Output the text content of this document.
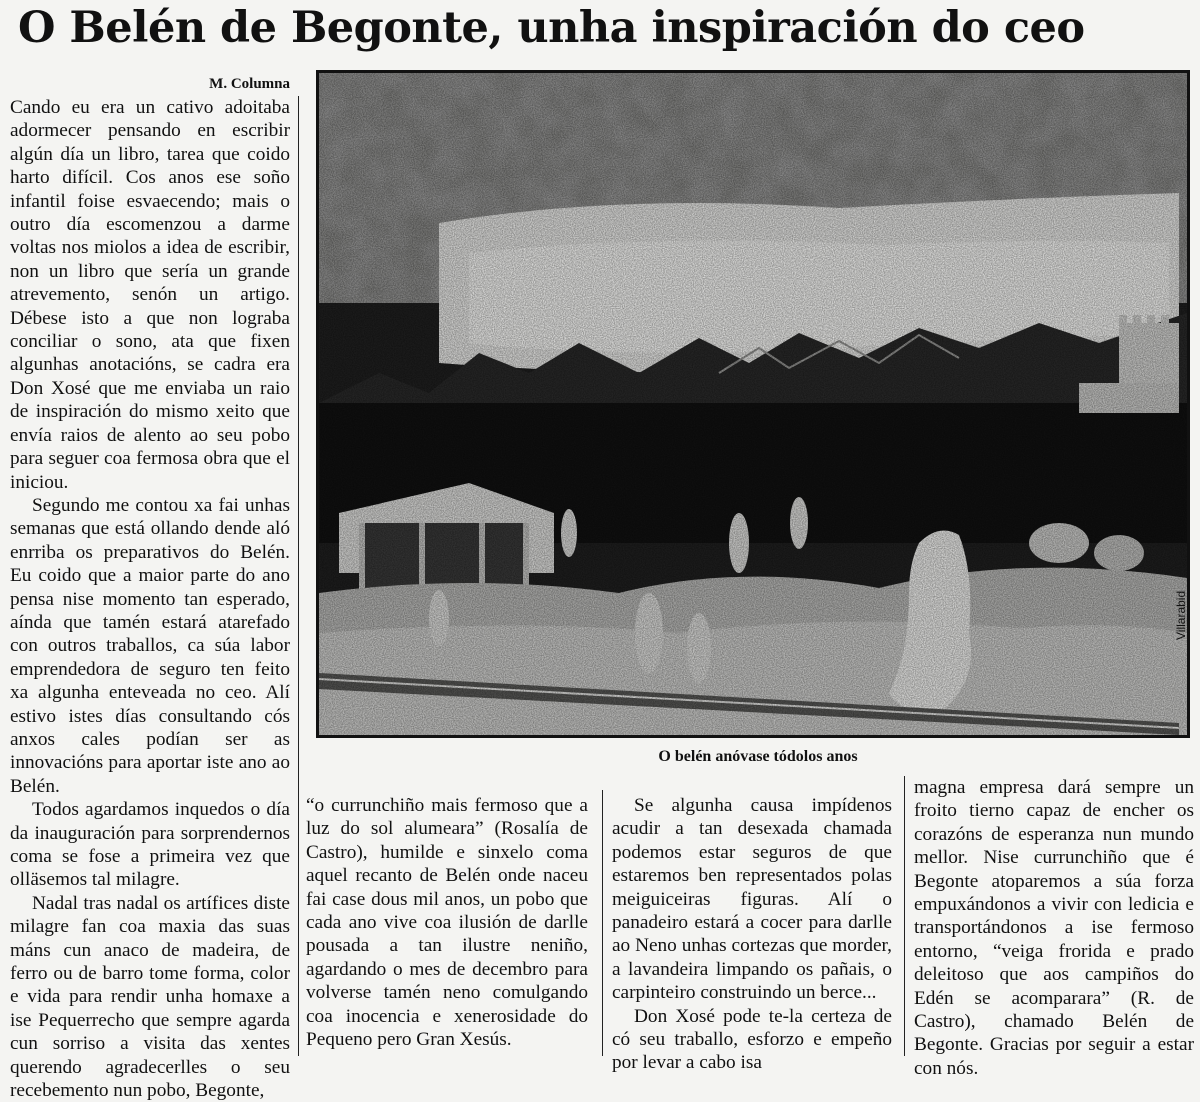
O Belén de Begonte, unha inspiración do ceo
M. Columna

Cando eu era un cativo adoitaba adormecer pensando en escribir algún día un libro, tarea que coido harto difícil. Cos anos ese soño infantil foise esvaecendo; mais o outro día escomenzou a darme voltas nos miolos a idea de escribir, non un libro que sería un grande atrevemento, senón un artigo. Débese isto a que non lograba conciliar o sono, ata que fixen algunhas anotacións, se cadra era Don Xosé que me enviaba un raio de inspiración do mismo xeito que envía raios de alento ao seu pobo para seguer coa fermosa obra que el iniciou.

Segundo me contou xa fai unhas semanas que está ollando dende aló enrriba os preparativos do Belén. Eu coido que a maior parte do ano pensa nise momento tan esperado, aínda que tamén estará atarefado con outros traballos, ca súa labor emprendedora de seguro ten feito xa algunha enteveada no ceo. Alí estivo istes días consultando cós anxos cales podían ser as innovacións para aportar iste ano ao Belén.

Todos agardamos inquedos o día da inauguración para sorprendernos coma se fose a primeira vez que olläsemos tal milagre.

Nadal tras nadal os artífices diste milagre fan coa maxia das suas máns cun anaco de madeira, de ferro ou de barro tome forma, color e vida para rendir unha homaxe a ise Pequerrecho que sempre agarda cun sorriso a visita das xentes querendo agradecerlles o seu recebemento nun pobo, Begonte,

Villarabid
O belén anóvase tódolos anos

“o currunchiño mais fermoso que a luz do sol alumeara” (Rosalía de Castro), humilde e sinxelo coma aquel recanto de Belén onde naceu fai case dous mil anos, un pobo que cada ano vive coa ilusión de darlle pousada a tan ilustre neniño, agardando o mes de decembro para volverse tamén neno comulgando coa inocencia e xenerosidade do Pequeno pero Gran Xesús.

Se algunha causa impídenos acudir a tan desexada chamada podemos estar seguros de que estaremos ben representados polas meiguiceiras figuras. Alí o panadeiro estará a cocer para darlle ao Neno unhas cortezas que morder, a lavandeira limpando os pañais, o carpinteiro construindo un berce...

Don Xosé pode te-la certeza de có seu traballo, esforzo e empeño por levar a cabo isa

magna empresa dará sempre un froito tierno capaz de encher os corazóns de esperanza nun mundo mellor. Nise currunchiño que é Begonte atoparemos a súa forza empuxándonos a vivir con ledicia e transportándonos a ise fermoso entorno, “veiga frorida e prado deleitoso que aos campiños do Edén se acomparara” (R. de Castro), chamado Belén de Begonte. Gracias por seguir a estar con nós.
